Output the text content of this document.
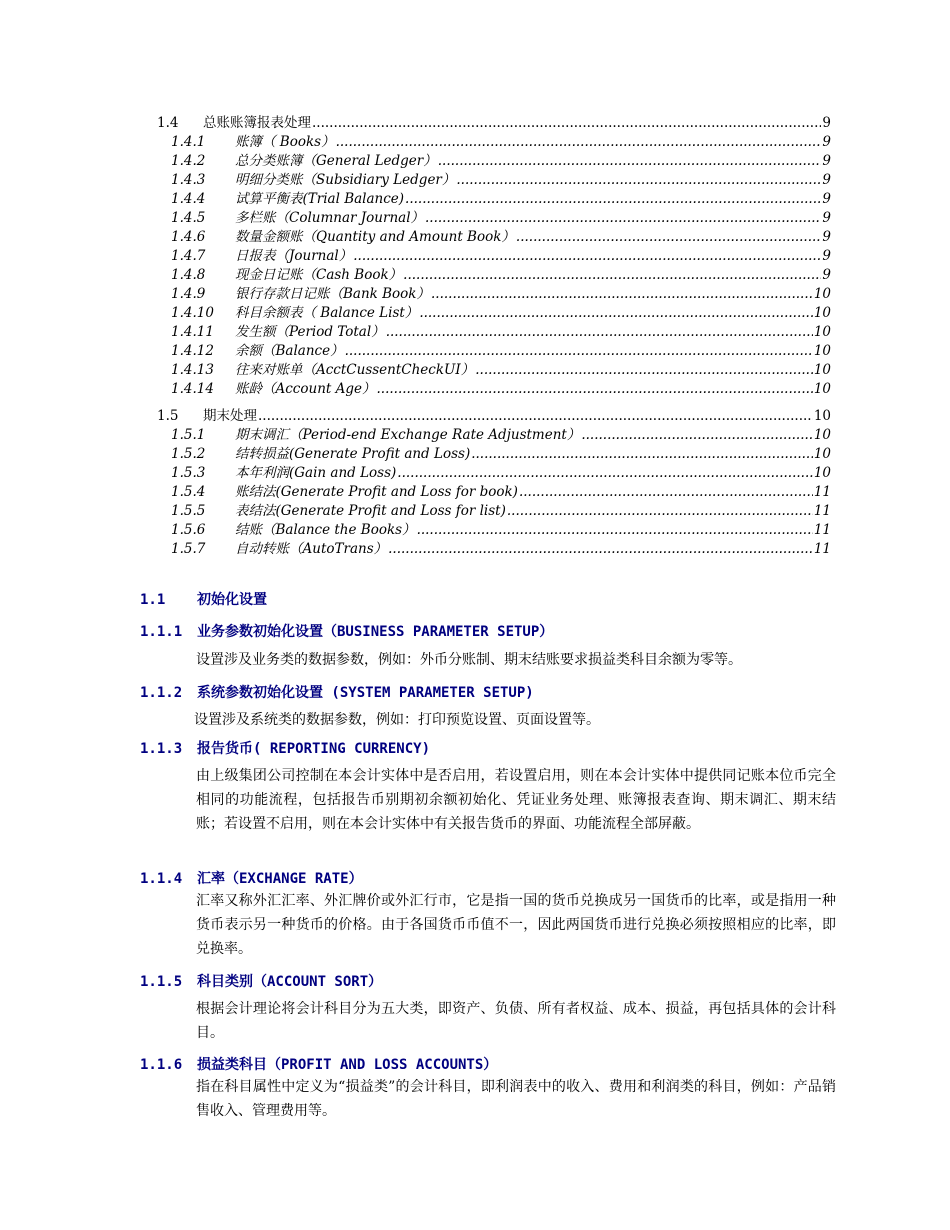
1.4 总账账簿报表处理 .....	9
1.4.1 账簿（ Books） .....	9
1.4.2 总分类账簿（General Ledger） .....	9
1.4.3 明细分类账（Subsidiary Ledger） .....	9
1.4.4 试算平衡表(Trial Balance) .....	9
1.4.5 多栏账（Columnar Journal） .....	9
1.4.6 数量金额账（Quantity and Amount Book） .....	9
1.4.7 日报表（Journal） .....	9
1.4.8 现金日记账（Cash Book） .....	9
1.4.9 银行存款日记账（Bank Book） .....	10
1.4.10 科目余额表（ Balance List） .....	10
1.4.11 发生额（Period Total） .....	10
1.4.12 余额（Balance） .....	10
1.4.13 往来对账单（AcctCussentCheckUI） .....	10
1.4.14 账龄（Account Age） .....	10
1.5 期末处理 .....	10
1.5.1 期末调汇（Period-end Exchange Rate Adjustment） .....	10
1.5.2 结转损益(Generate Profit and Loss) .....	10
1.5.3 本年利润(Gain and Loss) .....	10
1.5.4 账结法(Generate Profit and Loss for book) .....	11
1.5.5 表结法(Generate Profit and Loss for list) .....	11
1.5.6 结账（Balance the Books） .....	11
1.5.7 自动转账（AutoTrans） .....	11
1.1 初始化设置
1.1.1 业务参数初始化设置（BUSINESS PARAMETER SETUP）
设置涉及业务类的数据参数，例如：外币分账制、期末结账要求损益类科目余额为零等。
1.1.2 系统参数初始化设置 (SYSTEM PARAMETER SETUP)
设置涉及系统类的数据参数，例如：打印预览设置、页面设置等。
1.1.3 报告货币( REPORTING CURRENCY)
由上级集团公司控制在本会计实体中是否启用，若设置启用，则在本会计实体中提供同记账本位币完全相同的功能流程，包括报告币别期初余额初始化、凭证业务处理、账簿报表查询、期末调汇、期末结账；若设置不启用，则在本会计实体中有关报告货币的界面、功能流程全部屏蔽。
1.1.4 汇率（EXCHANGE RATE）
汇率又称外汇汇率、外汇牌价或外汇行市，它是指一国的货币兑换成另一国货币的比率，或是指用一种货币表示另一种货币的价格。由于各国货币币值不一，因此两国货币进行兑换必须按照相应的比率，即兑换率。
1.1.5 科目类别（ACCOUNT SORT）
根据会计理论将会计科目分为五大类，即资产、负债、所有者权益、成本、损益，再包括具体的会计科目。
1.1.6 损益类科目（PROFIT AND LOSS ACCOUNTS）
指在科目属性中定义为“损益类”的会计科目，即利润表中的收入、费用和利润类的科目，例如：产品销售收入、管理费用等。
